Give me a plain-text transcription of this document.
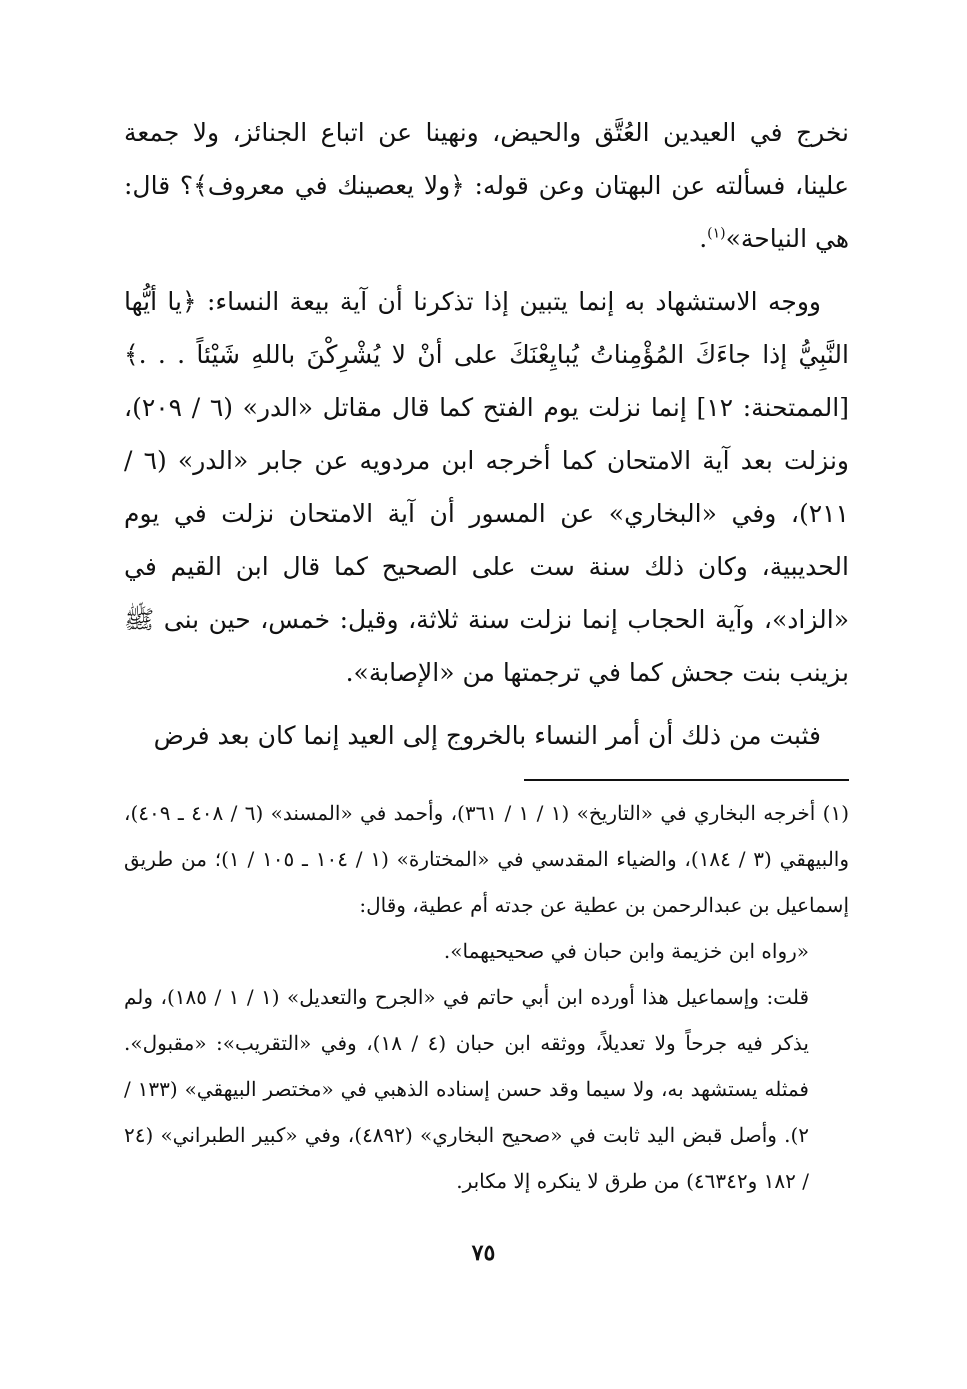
نخرج في العيدين العُتَّق والحيض، ونهينا عن اتباع الجنائز، ولا جمعة علينا، فسألته عن البهتان وعن قوله: ﴿ولا يعصينك في معروف﴾؟ قال: هي النياحة»$^{(١)}$.

ووجه الاستشهاد به إنما يتبين إذا تذكرنا أن آية بيعة النساء: ﴿يا أيُّها النَّبِيُّ إذا جاءَكَ المُؤْمِناتُ يُبايِعْنَكَ على أنْ لا يُشْرِكْنَ باللهِ شَيْئاً . . .﴾ [الممتحنة: ١٢] إنما نزلت يوم الفتح كما قال مقاتل «الدر» (٦ / ٢٠٩)، ونزلت بعد آية الامتحان كما أخرجه ابن مردويه عن جابر «الدر» (٦ / ٢١١)، وفي «البخاري» عن المسور أن آية الامتحان نزلت في يوم الحديبية، وكان ذلك سنة ست على الصحيح كما قال ابن القيم في «الزاد»، وآية الحجاب إنما نزلت سنة ثلاثة، وقيل: خمس، حين بنى ﷺ بزينب بنت جحش كما في ترجمتها من «الإصابة».

فثبت من ذلك أن أمر النساء بالخروج إلى العيد إنما كان بعد فرض

(١) أخرجه البخاري في «التاريخ» (١ / ١ / ٣٦١)، وأحمد في «المسند» (٦ / ٤٠٨ ـ ٤٠٩)، والبيهقي (٣ / ١٨٤)، والضياء المقدسي في «المختارة» (١ / ١٠٤ ـ ١٠٥ / ١)؛ من طريق إسماعيل بن عبدالرحمن بن عطية عن جدته أم عطية، وقال:

«رواه ابن خزيمة وابن حبان في صحيحيهما».

قلت: وإسماعيل هذا أورده ابن أبي حاتم في «الجرح والتعديل» (١ / ١ / ١٨٥)، ولم يذكر فيه جرحاً ولا تعديلاً، ووثقه ابن حبان (٤ / ١٨)، وفي «التقريب»: «مقبول». فمثله يستشهد به، ولا سيما وقد حسن إسناده الذهبي في «مختصر البيهقي» (١٣٣ / ٢). وأصل قبض اليد ثابت في «صحيح البخاري» (٤٨٩٢)، وفي «كبير الطبراني» (٢٤ / ١٨٢ و٤٦٣٤٢) من طرق لا ينكره إلا مكابر.

٧٥
